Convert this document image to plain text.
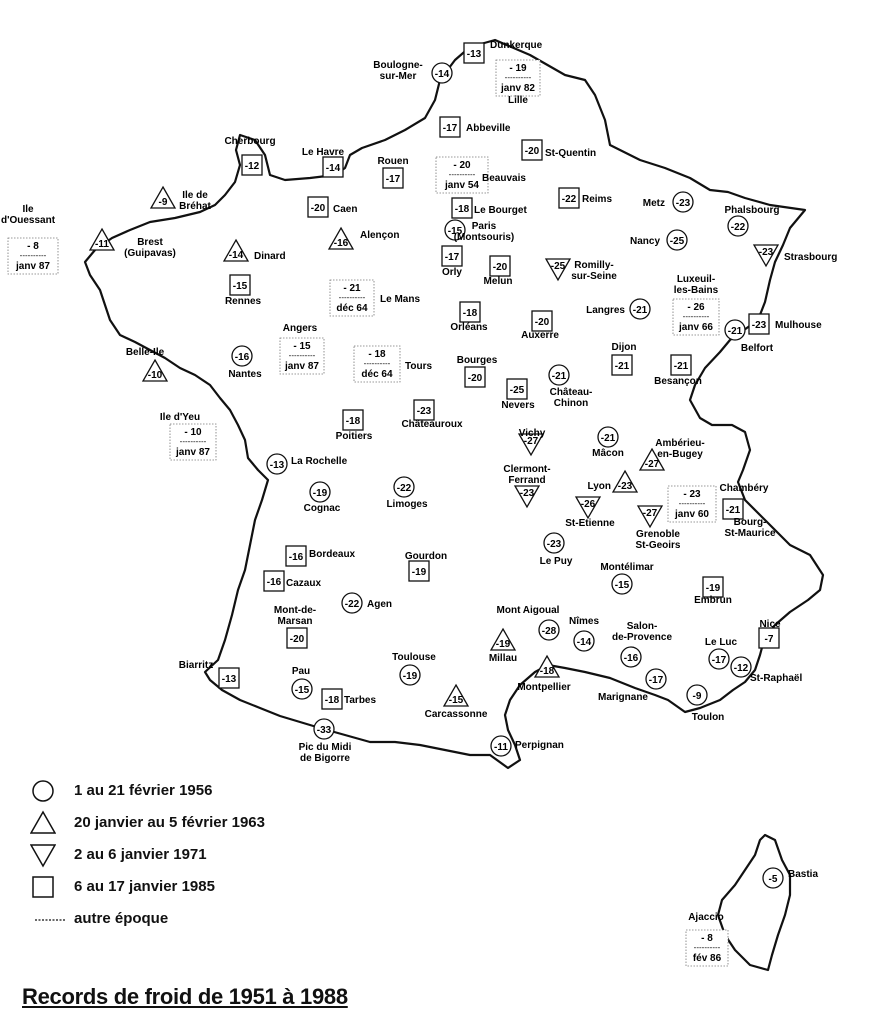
-13
-14
-17
-20
-12	-14
-17
-20
-9
-11
-14
-16
-15
-18
-15
-17
-20
-22
-25
-23
-25
-22
-23
-18
-20
-21
-23
-21
-10
-16
-20
-25
-21
-21	-21
-18
-23
-27	-21
-27
-13
-23
-23
-26
-27	-21
-19	-22
-23
-16
-16
-19
-15	-19
-20
-22
-28
-14
-16
-7
-19
-17
-12
-13
-15
-19	-18
-17
-18	-15	-9
-33
-11
-5
Dunkerque
Boulogne-sur-Mer
Abbeville
St-Quentin
Cherbourg
Le Havre
Rouen
Caen
Ile de Bréhat
Brest (Guipavas)	Dinard
Alençon
Rennes
Le Bourget
Paris (Montsouris)
Orly
Melun
Reims
Romilly-sur-Seine
Metz
Nancy
Phalsbourg
Strasbourg
Orléans
Auxerre
Langres
Mulhouse
Belfort
Belle-Ile
Nantes
Bourges
Nevers
Château-Chinon
Dijon
Besançon
Poitiers
Châteauroux
Vichy
Mâcon
Ambérieu-en-Bugey
La Rochelle
Clermont-Ferrand
Lyon
St-Etienne
Grenoble St-Geoirs
Chambéry
Bourg-St-Maurice
Cognac	Limoges
Le Puy
Bordeaux
Cazaux
Gourdon
Montélimar
Embrun
Mont-de-Marsan
Agen
Mont Aigoual
Nîmes	Salon-de-Provence
Nice
Millau
Le Luc
St-Raphaël
Biarritz
Pau
Toulouse
Montpellier
Marignane
Tarbes
Carcassonne	Toulon
Pic du Midi de Bigorre
Perpignan
Bastia
- 19
----------
janv 82
Lille
- 20
----------
janv 54
Beauvais
- 8
----------
janv 87
Ile d'Ouessant
- 21
----------
déc 64
Le Mans
- 15
----------
janv 87
Angers
- 18
----------
déc 64
Tours
- 26
----------
janv 66
Luxeuil-les-Bains
- 10
----------
janv 87
Ile d'Yeu
- 23
----------
janv 60
- 8
----------
fév 86
Ajaccio
1 au 21 février 1956
20 janvier au 5 février 1963
2 au 6 janvier 1971
6 au 17 janvier 1985
autre époque
Records de froid de 1951 à 1988
